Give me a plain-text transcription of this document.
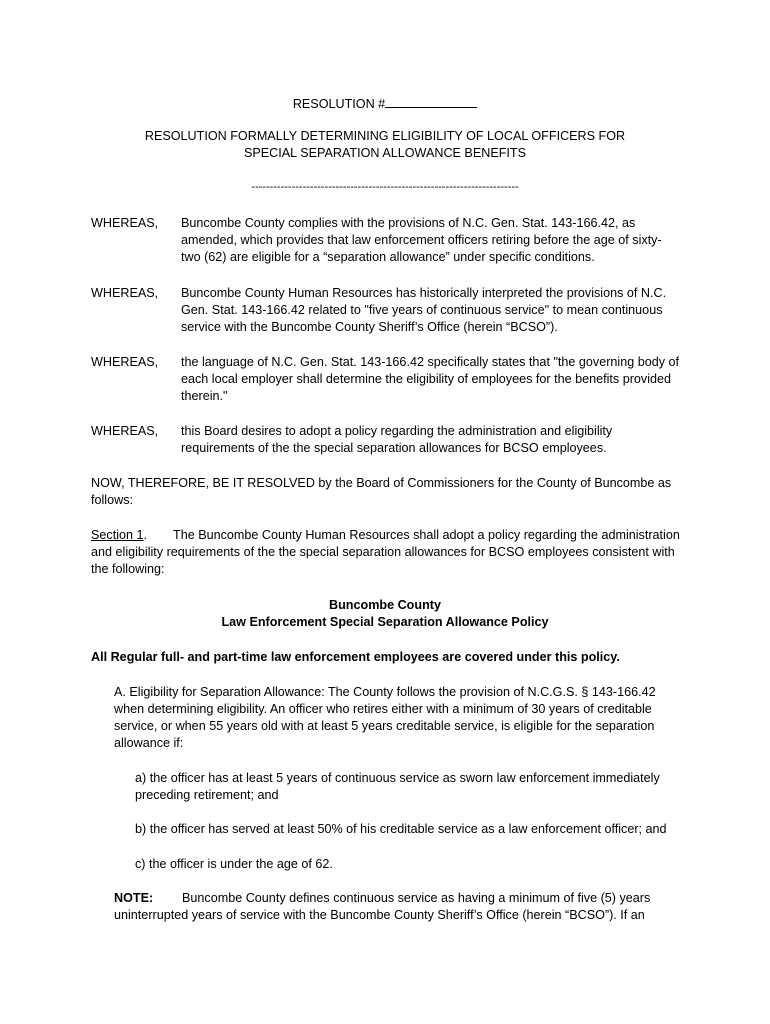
RESOLUTION #

RESOLUTION FORMALLY DETERMINING ELIGIBILITY OF LOCAL OFFICERS FOR
SPECIAL SEPARATION ALLOWANCE BENEFITS
-------------------------------------------------------------------------
WHEREAS,	Buncombe County complies with the provisions of N.C. Gen. Stat. 143-166.42, as amended, which provides that law enforcement officers retiring before the age of sixty-two (62) are eligible for a “separation allowance” under specific conditions.
WHEREAS,	Buncombe County Human Resources has historically interpreted the provisions of N.C. Gen. Stat. 143-166.42 related to "five years of continuous service" to mean continuous service with the Buncombe County Sheriff’s Office (herein “BCSO”).
WHEREAS,	the language of N.C. Gen. Stat. 143-166.42 specifically states that "the governing body of each local employer shall determine the eligibility of employees for the benefits provided therein."
WHEREAS,	this Board desires to adopt a policy regarding the administration and eligibility requirements of the the special separation allowances for BCSO employees.
NOW, THEREFORE, BE IT RESOLVED by the Board of Commissioners for the County of Buncombe as follows:
Section 1. The Buncombe County Human Resources shall adopt a policy regarding the administration and eligibility requirements of the the special separation allowances for BCSO employees consistent with the following:
Buncombe County
Law Enforcement Special Separation Allowance Policy
All Regular full- and part-time law enforcement employees are covered under this policy.
A. Eligibility for Separation Allowance: The County follows the provision of N.C.G.S. § 143-166.42 when determining eligibility. An officer who retires either with a minimum of 30 years of creditable service, or when 55 years old with at least 5 years creditable service, is eligible for the separation allowance if:
a) the officer has at least 5 years of continuous service as sworn law enforcement immediately preceding retirement; and
b) the officer has served at least 50% of his creditable service as a law enforcement officer; and
c) the officer is under the age of 62.
NOTE: Buncombe County defines continuous service as having a minimum of five (5) years uninterrupted years of service with the Buncombe County Sheriff’s Office (herein “BCSO”). If an
